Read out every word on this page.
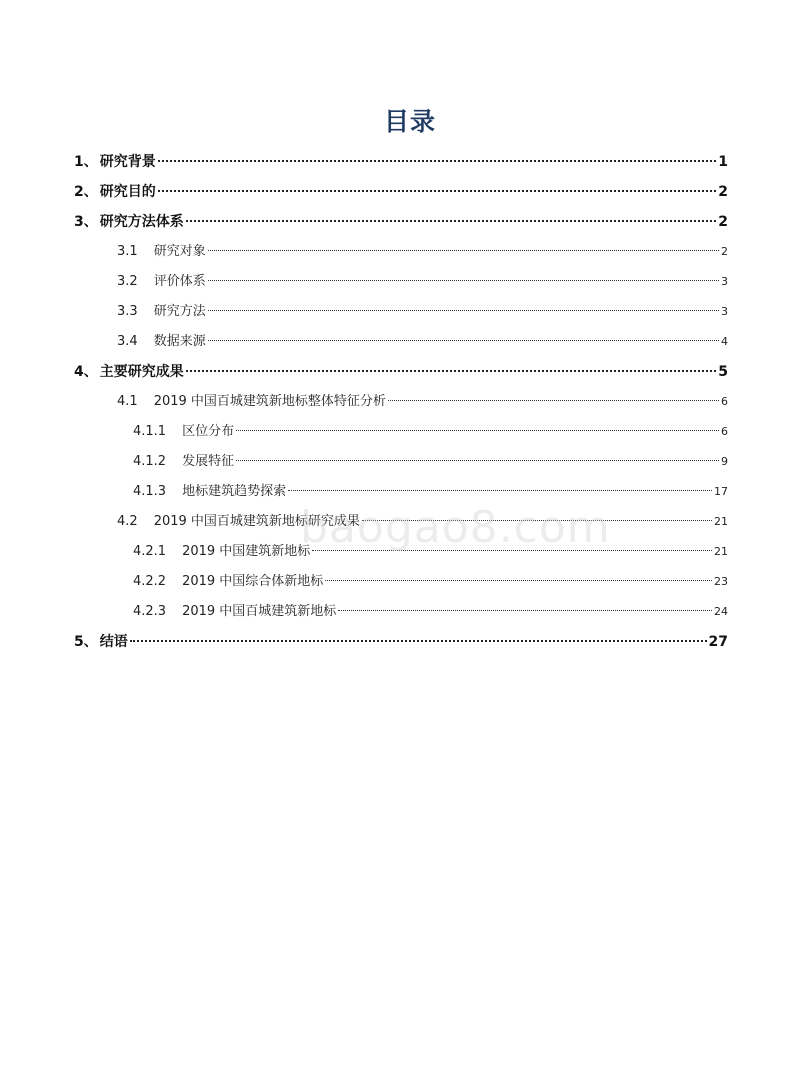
目录
1、 研究背景	1
2、 研究目的	2
3、 研究方法体系	2
3.1 研究对象	2
3.2 评价体系	3
3.3 研究方法	3
3.4 数据来源	4
4、 主要研究成果	5
4.1 2019 中国百城建筑新地标整体特征分析	6
4.1.1 区位分布	6
4.1.2 发展特征	9
4.1.3 地标建筑趋势探索	17
4.2 2019 中国百城建筑新地标研究成果	21
4.2.1 2019 中国建筑新地标	21
4.2.2 2019 中国综合体新地标	23
4.2.3 2019 中国百城建筑新地标	24
5、 结语	27
baogao8.com
